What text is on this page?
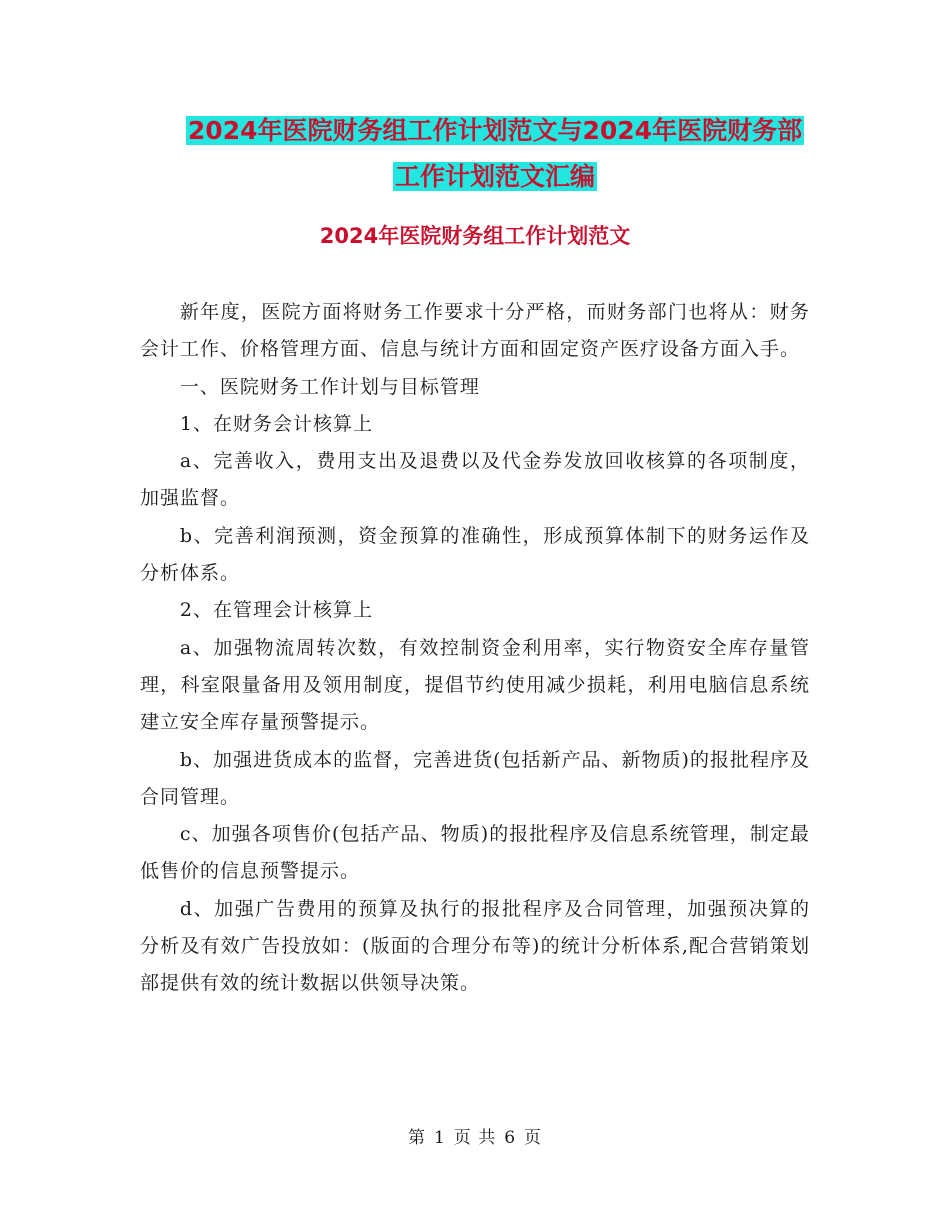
2024年医院财务组工作计划范文与2024年医院财务部
工作计划范文汇编
2024年医院财务组工作计划范文

新年度，医院方面将财务工作要求十分严格，而财务部门也将从：财务会计工作、价格管理方面、信息与统计方面和固定资产医疗设备方面入手。

一、医院财务工作计划与目标管理

1、在财务会计核算上

a、完善收入，费用支出及退费以及代金券发放回收核算的各项制度，加强监督。

b、完善利润预测，资金预算的准确性，形成预算体制下的财务运作及分析体系。

2、在管理会计核算上

a、加强物流周转次数，有效控制资金利用率，实行物资安全库存量管理，科室限量备用及领用制度，提倡节约使用减少损耗，利用电脑信息系统建立安全库存量预警提示。

b、加强进货成本的监督，完善进货(包括新产品、新物质)的报批程序及合同管理。

c、加强各项售价(包括产品、物质)的报批程序及信息系统管理，制定最低售价的信息预警提示。

d、加强广告费用的预算及执行的报批程序及合同管理，加强预决算的分析及有效广告投放如：(版面的合理分布等)的统计分析体系,配合营销策划部提供有效的统计数据以供领导决策。

第 1 页 共 6 页
